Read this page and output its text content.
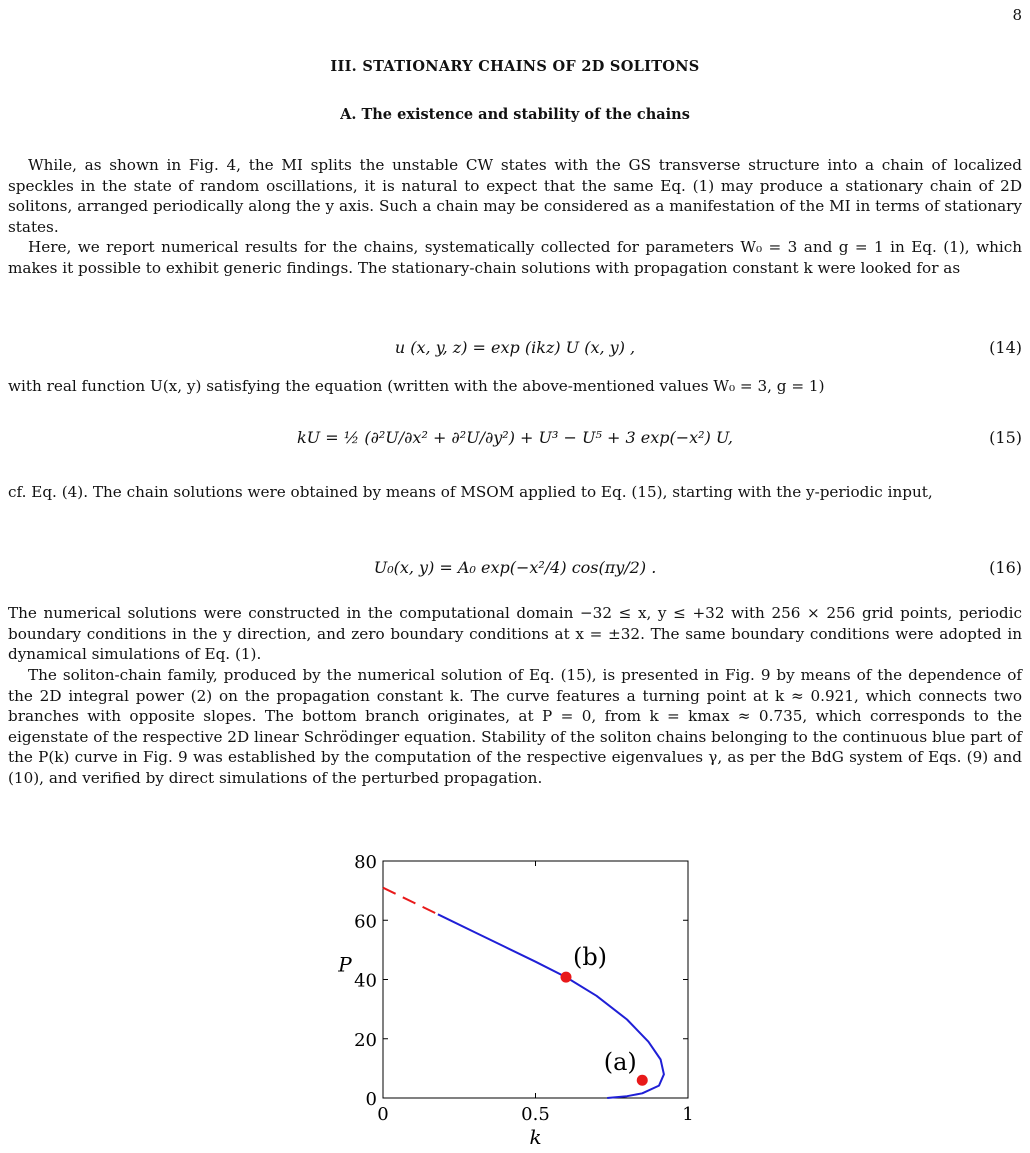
8
III. STATIONARY CHAINS OF 2D SOLITONS
A. The existence and stability of the chains

While, as shown in Fig. 4, the MI splits the unstable CW states with the GS transverse structure into a chain of localized speckles in the state of random oscillations, it is natural to expect that the same Eq. (1) may produce a stationary chain of 2D solitons, arranged periodically along the y axis. Such a chain may be considered as a manifestation of the MI in terms of stationary states.

Here, we report numerical results for the chains, systematically collected for parameters W₀ = 3 and g = 1 in Eq. (1), which makes it possible to exhibit generic findings. The stationary-chain solutions with propagation constant k were looked for as

u (x, y, z) = exp (ikz) U (x, y) ,	(14)

with real function U(x, y) satisfying the equation (written with the above-mentioned values W₀ = 3, g = 1)

kU = ½ (∂²U/∂x² + ∂²U/∂y²) + U³ − U⁵ + 3 exp(−x²) U,	(15)

cf. Eq. (4). The chain solutions were obtained by means of MSOM applied to Eq. (15), starting with the y-periodic input,

U₀(x, y) = A₀ exp(−x²/4) cos(πy/2) .	(16)

The numerical solutions were constructed in the computational domain −32 ≤ x, y ≤ +32 with 256 × 256 grid points, periodic boundary conditions in the y direction, and zero boundary conditions at x = ±32. The same boundary conditions were adopted in dynamical simulations of Eq. (1).

The soliton-chain family, produced by the numerical solution of Eq. (15), is presented in Fig. 9 by means of the dependence of the 2D integral power (2) on the propagation constant k. The curve features a turning point at k ≈ 0.921, which connects two branches with opposite slopes. The bottom branch originates, at P = 0, from k = kmax ≈ 0.735, which corresponds to the eigenstate of the respective 2D linear Schrödinger equation. Stability of the soliton chains belonging to the continuous blue part of the P(k) curve in Fig. 9 was established by the computation of the respective eigenvalues γ, as per the BdG system of Eqs. (9) and (10), and verified by direct simulations of the perturbed propagation.

0
20
40
60
80
0	0.5	1
k
P	(b)
(a)
